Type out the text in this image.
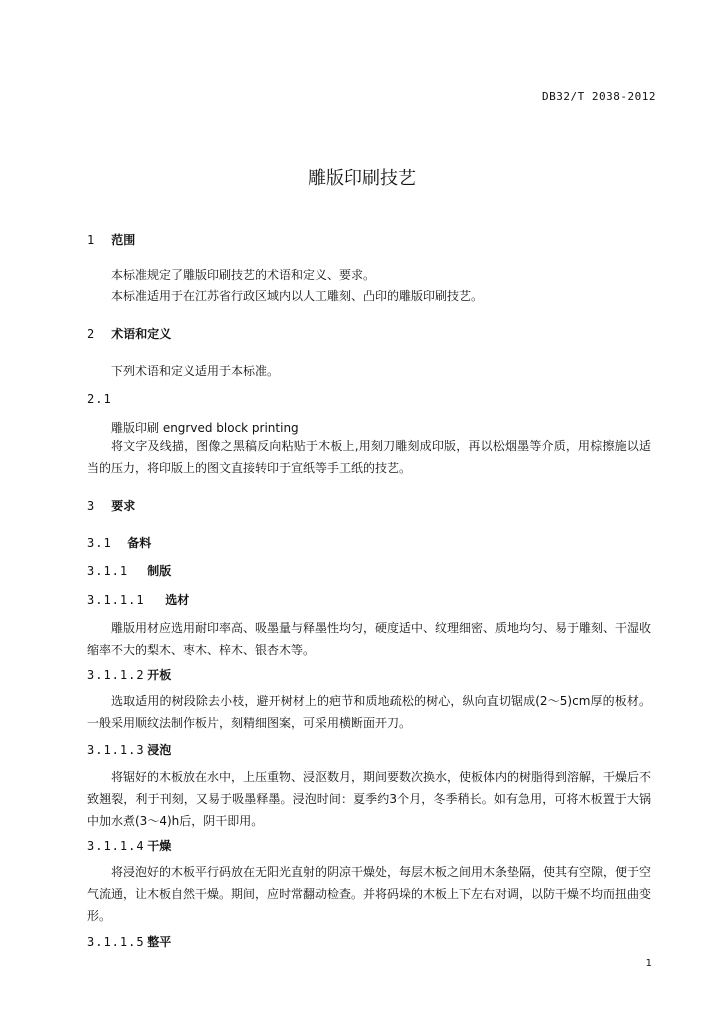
DB32/T 2038-2012
雕版印刷技艺
1 范围

本标准规定了雕版印刷技艺的术语和定义、要求。

本标准适用于在江苏省行政区域内以人工雕刻、凸印的雕版印刷技艺。

2 术语和定义

下列术语和定义适用于本标准。

2.1
雕版印刷 engrved block printing

将文字及线描，图像之黑稿反向粘贴于木板上,用刻刀雕刻成印版，再以松烟墨等介质，用棕擦施以适当的压力，将印版上的图文直接转印于宣纸等手工纸的技艺。

3 要求
3.1 备料
3.1.1 制版
3.1.1.1 选材

雕版用材应选用耐印率高、吸墨量与释墨性均匀，硬度适中、纹理细密、质地均匀、易于雕刻、干湿收缩率不大的梨木、枣木、梓木、银杏木等。

3.1.1.2 开板

选取适用的树段除去小枝，避开树材上的疤节和质地疏松的树心，纵向直切锯成(2～5)cm厚的板材。一般采用顺纹法制作板片，刻精细图案，可采用横断面开刀。

3.1.1.3 浸泡

将锯好的木板放在水中，上压重物、浸沤数月，期间要数次换水，使板体内的树脂得到溶解，干燥后不致翘裂，利于刊刻，又易于吸墨释墨。浸泡时间：夏季约3个月，冬季稍长。如有急用，可将木板置于大锅中加水煮(3～4)h后，阴干即用。

3.1.1.4 干燥

将浸泡好的木板平行码放在无阳光直射的阴凉干燥处，每层木板之间用木条垫隔，使其有空隙，便于空气流通，让木板自然干燥。期间，应时常翻动检查。并将码垛的木板上下左右对调，以防干燥不均而扭曲变形。

3.1.1.5 整平
1
